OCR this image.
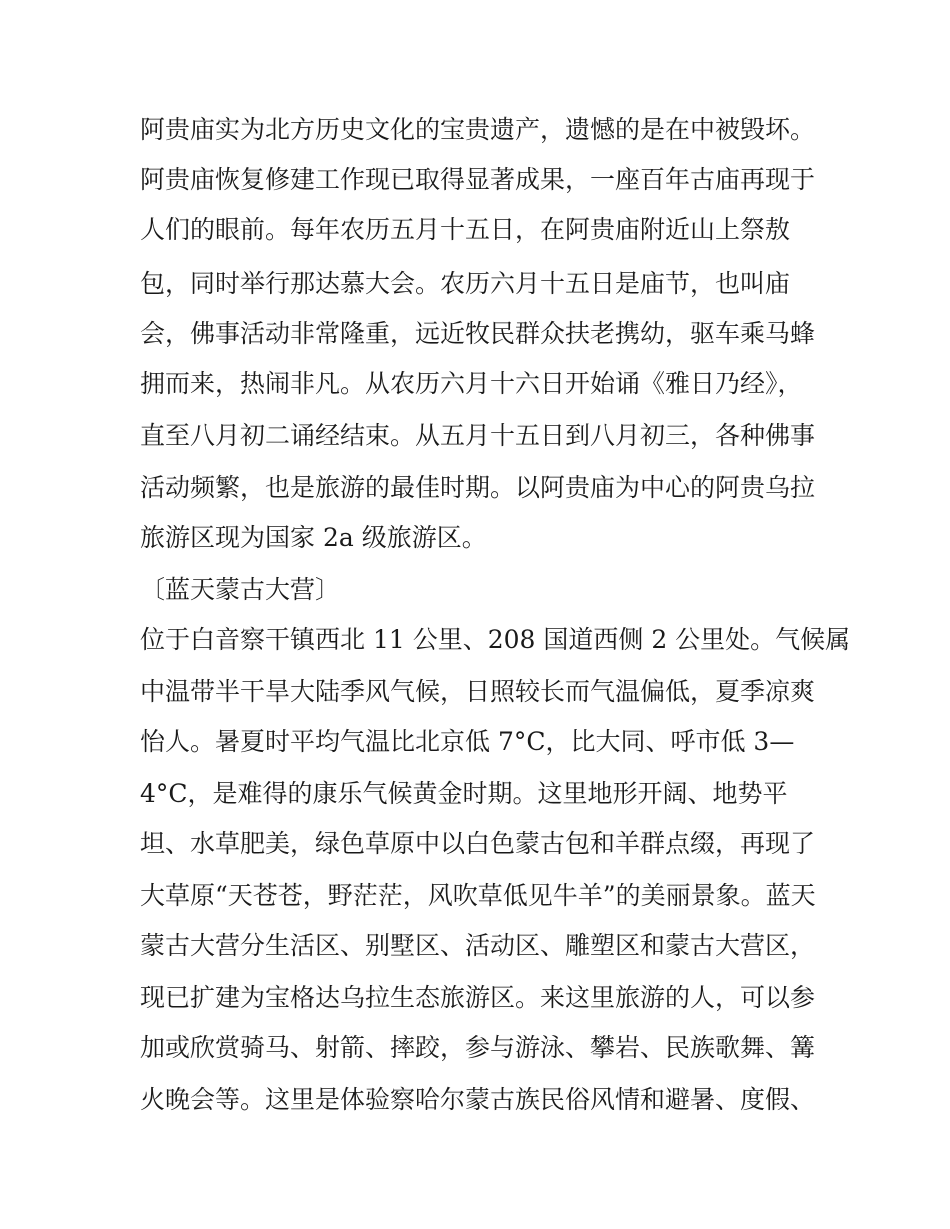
阿贵庙实为北方历史文化的宝贵遗产，遗憾的是在中被毁坏。
阿贵庙恢复修建工作现已取得显著成果，一座百年古庙再现于
人们的眼前。每年农历五月十五日，在阿贵庙附近山上祭敖
包，同时举行那达慕大会。农历六月十五日是庙节，也叫庙
会，佛事活动非常隆重，远近牧民群众扶老携幼，驱车乘马蜂
拥而来，热闹非凡。从农历六月十六日开始诵《雅日乃经》，
直至八月初二诵经结束。从五月十五日到八月初三，各种佛事
活动频繁，也是旅游的最佳时期。以阿贵庙为中心的阿贵乌拉
旅游区现为国家 2a 级旅游区。
〔蓝天蒙古大营〕
位于白音察干镇西北 11 公里、208 国道西侧 2 公里处。气候属
中温带半干旱大陆季风气候，日照较长而气温偏低，夏季凉爽
怡人。暑夏时平均气温比北京低 7°C，比大同、呼市低 3—
4°C，是难得的康乐气候黄金时期。这里地形开阔、地势平
坦、水草肥美，绿色草原中以白色蒙古包和羊群点缀，再现了
大草原“天苍苍，野茫茫，风吹草低见牛羊”的美丽景象。蓝天
蒙古大营分生活区、别墅区、活动区、雕塑区和蒙古大营区，
现已扩建为宝格达乌拉生态旅游区。来这里旅游的人，可以参
加或欣赏骑马、射箭、摔跤，参与游泳、攀岩、民族歌舞、篝
火晚会等。这里是体验察哈尔蒙古族民俗风情和避暑、度假、
